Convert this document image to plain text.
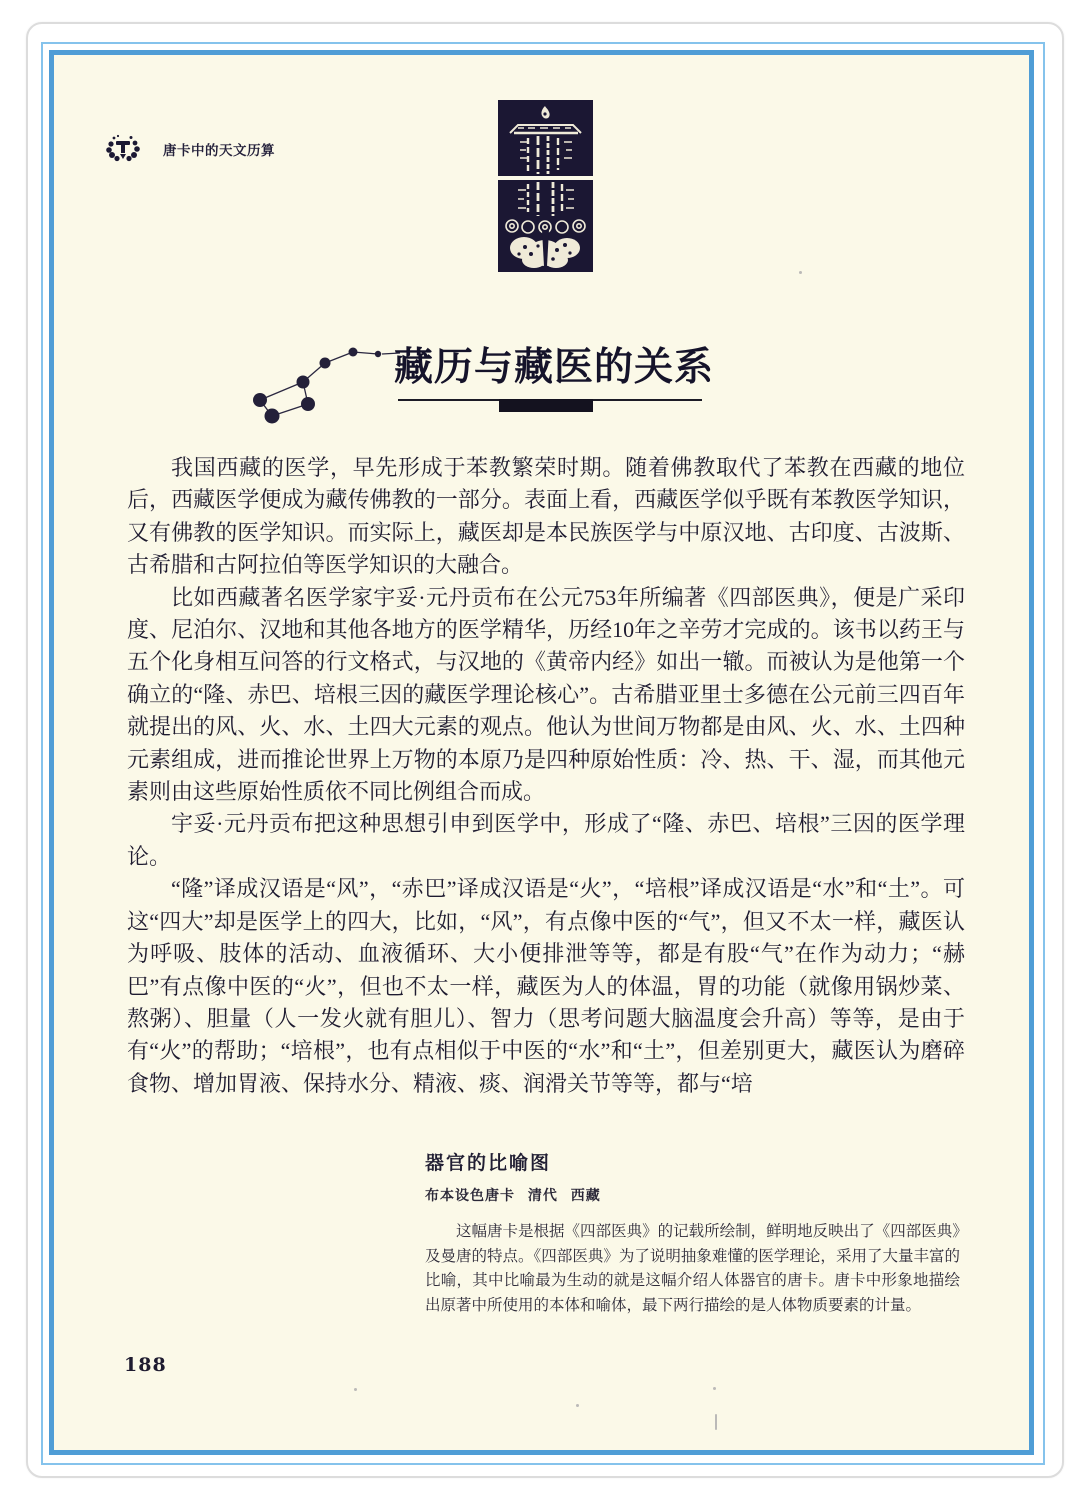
唐卡中的天文历算
藏历与藏医的关系

我国西藏的医学，早先形成于苯教繁荣时期。随着佛教取代了苯教在西藏的地位后，西藏医学便成为藏传佛教的一部分。表面上看，西藏医学似乎既有苯教医学知识，又有佛教的医学知识。而实际上，藏医却是本民族医学与中原汉地、古印度、古波斯、古希腊和古阿拉伯等医学知识的大融合。

比如西藏著名医学家宇妥·元丹贡布在公元753年所编著《四部医典》，便是广采印度、尼泊尔、汉地和其他各地方的医学精华，历经10年之辛劳才完成的。该书以药王与五个化身相互问答的行文格式，与汉地的《黄帝内经》如出一辙。而被认为是他第一个确立的“隆、赤巴、培根三因的藏医学理论核心”。古希腊亚里士多德在公元前三四百年就提出的风、火、水、土四大元素的观点。他认为世间万物都是由风、火、水、土四种元素组成，进而推论世界上万物的本原乃是四种原始性质：冷、热、干、湿，而其他元素则由这些原始性质依不同比例组合而成。

宇妥·元丹贡布把这种思想引申到医学中，形成了“隆、赤巴、培根”三因的医学理论。

“隆”译成汉语是“风”，“赤巴”译成汉语是“火”，“培根”译成汉语是“水”和“土”。可这“四大”却是医学上的四大，比如，“风”，有点像中医的“气”，但又不太一样，藏医认为呼吸、肢体的活动、血液循环、大小便排泄等等，都是有股“气”在作为动力；“赫巴”有点像中医的“火”，但也不太一样，藏医为人的体温，胃的功能（就像用锅炒菜、熬粥）、胆量（人一发火就有胆儿）、智力（思考问题大脑温度会升高）等等，是由于有“火”的帮助；“培根”，也有点相似于中医的“水”和“土”，但差别更大，藏医认为磨碎食物、增加胃液、保持水分、精液、痰、润滑关节等等，都与“培

器官的比喻图

布本设色唐卡 清代 西藏

这幅唐卡是根据《四部医典》的记载所绘制，鲜明地反映出了《四部医典》及曼唐的特点。《四部医典》为了说明抽象难懂的医学理论，采用了大量丰富的比喻，其中比喻最为生动的就是这幅介绍人体器官的唐卡。唐卡中形象地描绘出原著中所使用的本体和喻体，最下两行描绘的是人体物质要素的计量。

188
